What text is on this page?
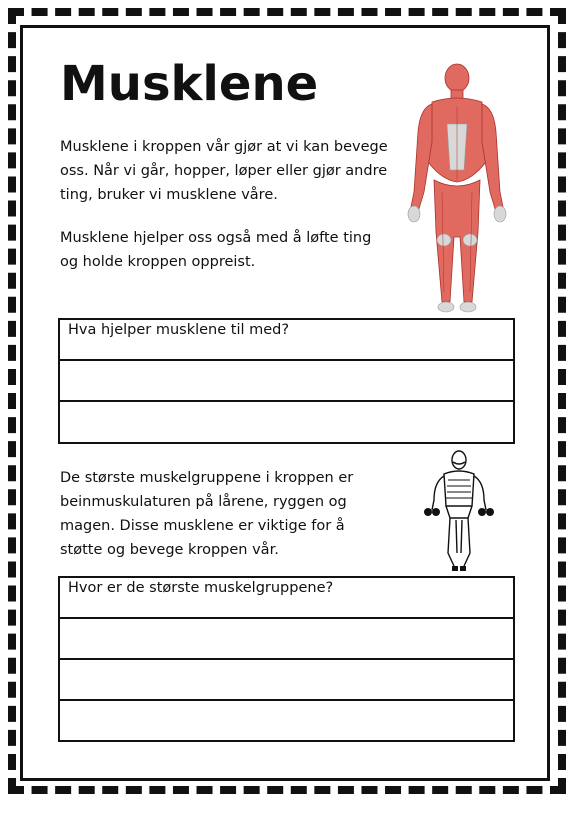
Musklene

Musklene i kroppen vår gjør at vi kan bevege oss. Når vi går, hopper, løper eller gjør andre ting, bruker vi musklene våre.

Musklene hjelper oss også med å løfte ting og holde kroppen oppreist.

Hva hjelper musklene til med?

De største muskelgruppene i kroppen er beinmuskulaturen på lårene, ryggen og magen. Disse musklene er viktige for å støtte og bevege kroppen vår.

Hvor er de største muskelgruppene?
